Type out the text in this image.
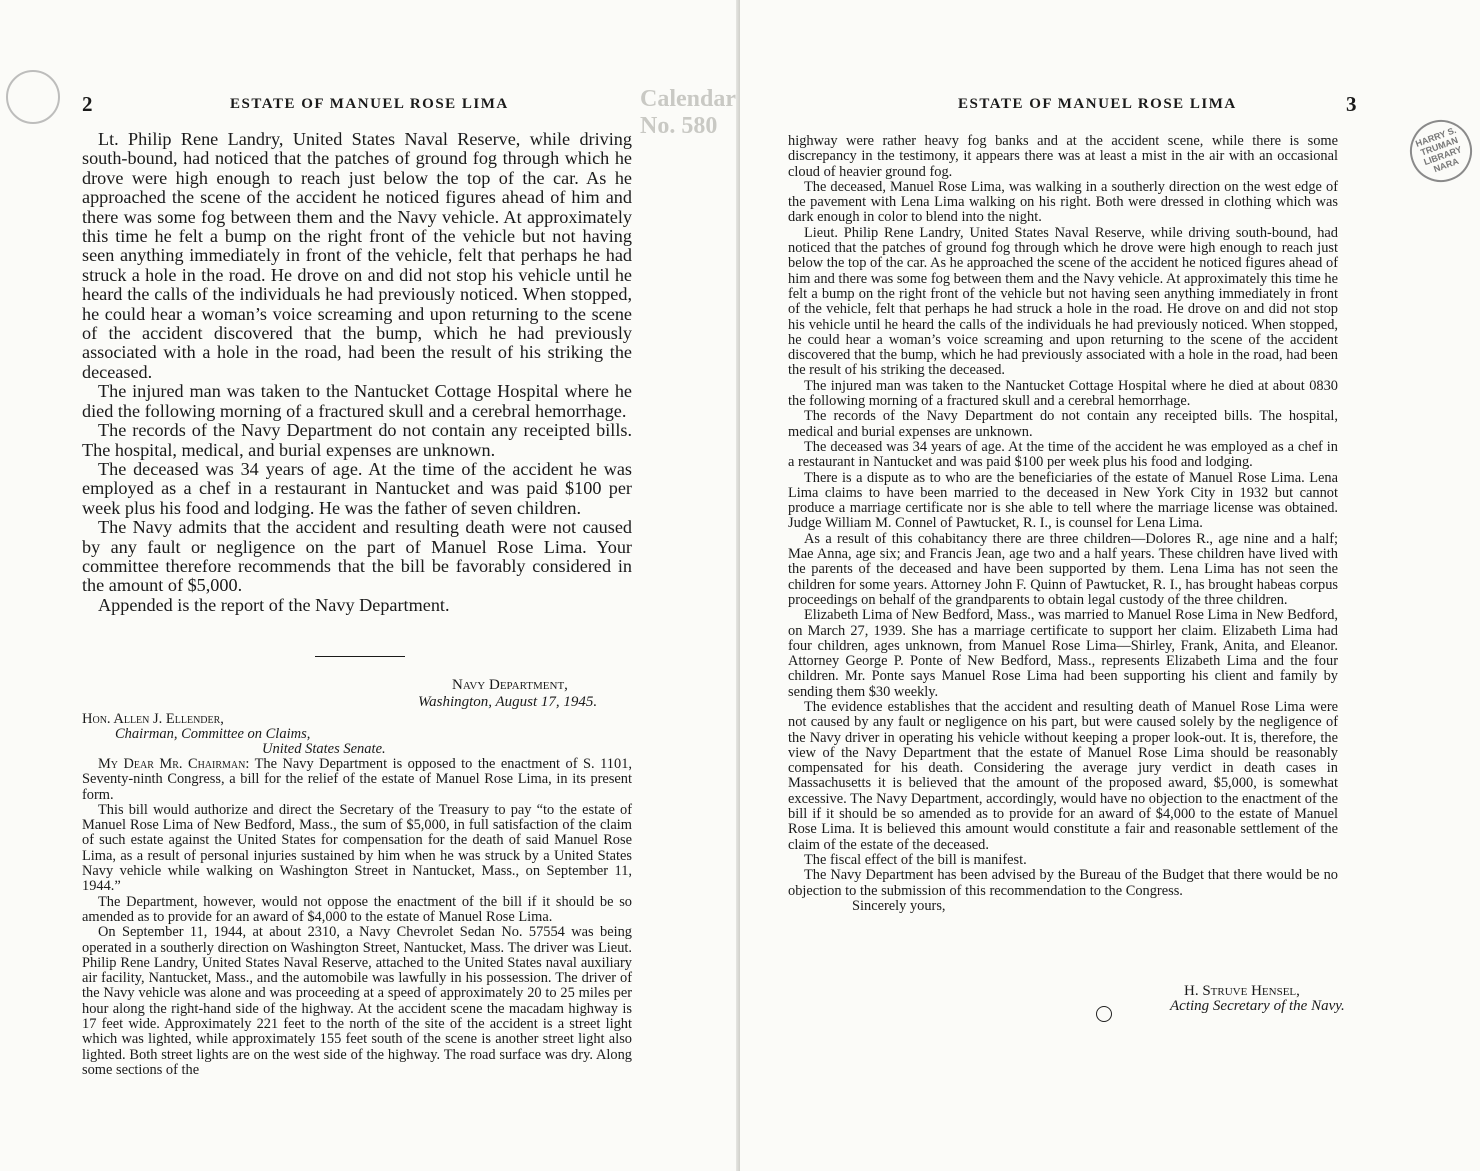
Calendar No. 580
2	ESTATE OF MANUEL ROSE LIMA

Lt. Philip Rene Landry, United States Naval Reserve, while driving south-bound, had noticed that the patches of ground fog through which he drove were high enough to reach just below the top of the car. As he approached the scene of the accident he noticed figures ahead of him and there was some fog between them and the Navy vehicle. At approximately this time he felt a bump on the right front of the vehicle but not having seen anything immediately in front of the vehicle, felt that perhaps he had struck a hole in the road. He drove on and did not stop his vehicle until he heard the calls of the individuals he had previously noticed. When stopped, he could hear a woman’s voice screaming and upon returning to the scene of the accident discovered that the bump, which he had previously associated with a hole in the road, had been the result of his striking the deceased.

The injured man was taken to the Nantucket Cottage Hospital where he died the following morning of a fractured skull and a cerebral hemorrhage.

The records of the Navy Department do not contain any receipted bills. The hospital, medical, and burial expenses are unknown.

The deceased was 34 years of age. At the time of the accident he was employed as a chef in a restaurant in Nantucket and was paid $100 per week plus his food and lodging. He was the father of seven children.

The Navy admits that the accident and resulting death were not caused by any fault or negligence on the part of Manuel Rose Lima. Your committee therefore recommends that the bill be favorably considered in the amount of $5,000.

Appended is the report of the Navy Department.

Navy Department,
Washington, August 17, 1945.
Hon. Allen J. Ellender,
Chairman, Committee on Claims,
United States Senate.

My Dear Mr. Chairman: The Navy Department is opposed to the enactment of S. 1101, Seventy-ninth Congress, a bill for the relief of the estate of Manuel Rose Lima, in its present form.

This bill would authorize and direct the Secretary of the Treasury to pay “to the estate of Manuel Rose Lima of New Bedford, Mass., the sum of $5,000, in full satisfaction of the claim of such estate against the United States for compensation for the death of said Manuel Rose Lima, as a result of personal injuries sustained by him when he was struck by a United States Navy vehicle while walking on Washington Street in Nantucket, Mass., on September 11, 1944.”

The Department, however, would not oppose the enactment of the bill if it should be so amended as to provide for an award of $4,000 to the estate of Manuel Rose Lima.

On September 11, 1944, at about 2310, a Navy Chevrolet Sedan No. 57554 was being operated in a southerly direction on Washington Street, Nantucket, Mass. The driver was Lieut. Philip Rene Landry, United States Naval Reserve, attached to the United States naval auxiliary air facility, Nantucket, Mass., and the automobile was lawfully in his possession. The driver of the Navy vehicle was alone and was proceeding at a speed of approximately 20 to 25 miles per hour along the right-hand side of the highway. At the accident scene the macadam highway is 17 feet wide. Approximately 221 feet to the north of the site of the accident is a street light which was lighted, while approximately 155 feet south of the scene is another street light also lighted. Both street lights are on the west side of the highway. The road surface was dry. Along some sections of the

ESTATE OF MANUEL ROSE LIMA	3
HARRY S. TRUMAN LIBRARY NARA

highway were rather heavy fog banks and at the accident scene, while there is some discrepancy in the testimony, it appears there was at least a mist in the air with an occasional cloud of heavier ground fog.

The deceased, Manuel Rose Lima, was walking in a southerly direction on the west edge of the pavement with Lena Lima walking on his right. Both were dressed in clothing which was dark enough in color to blend into the night.

Lieut. Philip Rene Landry, United States Naval Reserve, while driving south-bound, had noticed that the patches of ground fog through which he drove were high enough to reach just below the top of the car. As he approached the scene of the accident he noticed figures ahead of him and there was some fog between them and the Navy vehicle. At approximately this time he felt a bump on the right front of the vehicle but not having seen anything immediately in front of the vehicle, felt that perhaps he had struck a hole in the road. He drove on and did not stop his vehicle until he heard the calls of the individuals he had previously noticed. When stopped, he could hear a woman’s voice screaming and upon returning to the scene of the accident discovered that the bump, which he had previously associated with a hole in the road, had been the result of his striking the deceased.

The injured man was taken to the Nantucket Cottage Hospital where he died at about 0830 the following morning of a fractured skull and a cerebral hemorrhage.

The records of the Navy Department do not contain any receipted bills. The hospital, medical and burial expenses are unknown.

The deceased was 34 years of age. At the time of the accident he was employed as a chef in a restaurant in Nantucket and was paid $100 per week plus his food and lodging.

There is a dispute as to who are the beneficiaries of the estate of Manuel Rose Lima. Lena Lima claims to have been married to the deceased in New York City in 1932 but cannot produce a marriage certificate nor is she able to tell where the marriage license was obtained. Judge William M. Connel of Pawtucket, R. I., is counsel for Lena Lima.

As a result of this cohabitancy there are three children—Dolores R., age nine and a half; Mae Anna, age six; and Francis Jean, age two and a half years. These children have lived with the parents of the deceased and have been supported by them. Lena Lima has not seen the children for some years. Attorney John F. Quinn of Pawtucket, R. I., has brought habeas corpus proceedings on behalf of the grandparents to obtain legal custody of the three children.

Elizabeth Lima of New Bedford, Mass., was married to Manuel Rose Lima in New Bedford, on March 27, 1939. She has a marriage certificate to support her claim. Elizabeth Lima had four children, ages unknown, from Manuel Rose Lima—Shirley, Frank, Anita, and Eleanor. Attorney George P. Ponte of New Bedford, Mass., represents Elizabeth Lima and the four children. Mr. Ponte says Manuel Rose Lima had been supporting his client and family by sending them $30 weekly.

The evidence establishes that the accident and resulting death of Manuel Rose Lima were not caused by any fault or negligence on his part, but were caused solely by the negligence of the Navy driver in operating his vehicle without keeping a proper look-out. It is, therefore, the view of the Navy Department that the estate of Manuel Rose Lima should be reasonably compensated for his death. Considering the average jury verdict in death cases in Massachusetts it is believed that the amount of the proposed award, $5,000, is somewhat excessive. The Navy Department, accordingly, would have no objection to the enactment of the bill if it should be so amended as to provide for an award of $4,000 to the estate of Manuel Rose Lima. It is believed this amount would constitute a fair and reasonable settlement of the claim of the estate of the deceased.

The fiscal effect of the bill is manifest.

The Navy Department has been advised by the Bureau of the Budget that there would be no objection to the submission of this recommendation to the Congress.

Sincerely yours,

H. Struve Hensel,
Acting Secretary of the Navy.
